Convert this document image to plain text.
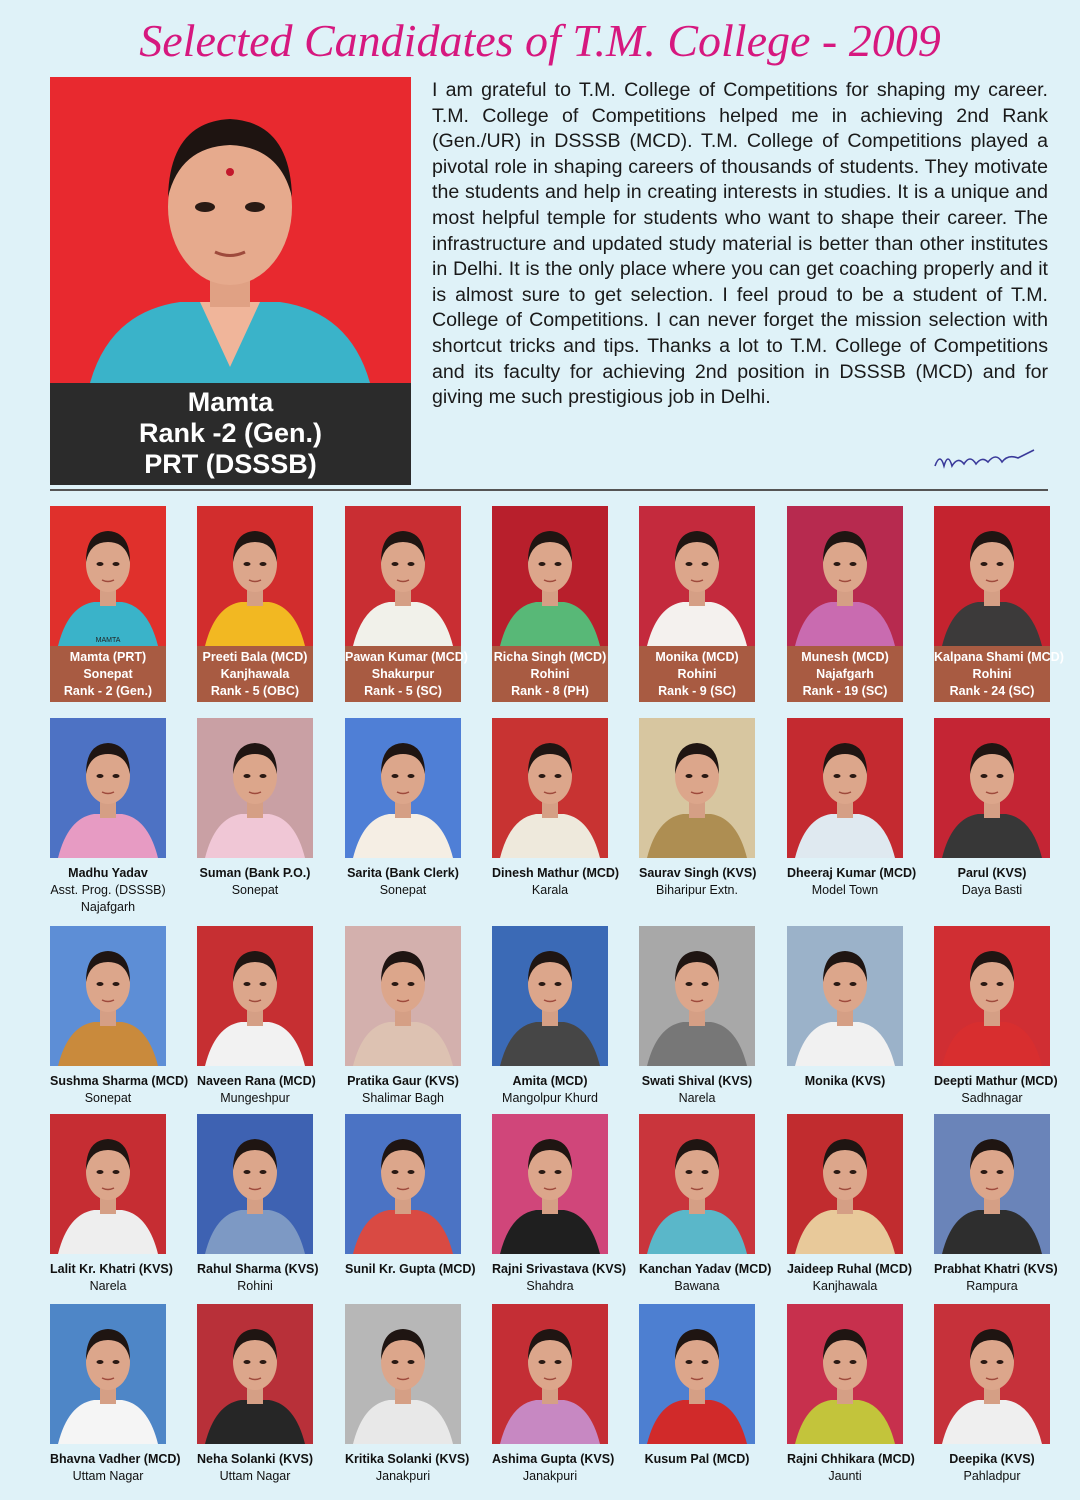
Selected Candidates of T.M. College - 2009
Mamta
Rank -2 (Gen.)
PRT (DSSSB)
I am grateful to T.M. College of Competitions for shaping my career. T.M. College of Competitions helped me in achieving 2nd Rank (Gen./UR) in DSSSB (MCD). T.M. College of Competitions played a pivotal role in shaping careers of thousands of students. They motivate the students and help in creating interests in studies. It is a unique and most helpful temple for students who want to shape their career. The infrastructure and updated study material is better than other institutes in Delhi. It is the only place where you can get coaching properly and it is almost sure to get selection. I feel proud to be a student of T.M. College of Competitions. I can never forget the mission selection with shortcut tricks and tips. Thanks a lot to T.M. College of Competitions and its faculty for achieving 2nd position in DSSSB (MCD) and for giving me such prestigious job in Delhi.
MAMTA
Mamta (PRT)
Sonepat
Rank - 2 (Gen.)
Preeti Bala (MCD)
Kanjhawala
Rank - 5 (OBC)
Pawan Kumar (MCD)
Shakurpur
Rank - 5 (SC)
Richa Singh (MCD)
Rohini
Rank - 8 (PH)
Monika (MCD)
Rohini
Rank - 9 (SC)
Munesh (MCD)
Najafgarh
Rank - 19 (SC)
Kalpana Shami (MCD)
Rohini
Rank - 24 (SC)
Madhu Yadav
Asst. Prog. (DSSSB)
Najafgarh
Suman (Bank P.O.)
Sonepat
Sarita (Bank Clerk)
Sonepat
Dinesh Mathur (MCD)
Karala
Saurav Singh (KVS)
Biharipur Extn.
Dheeraj Kumar (MCD)
Model Town
Parul (KVS)
Daya Basti
Sushma Sharma (MCD)
Sonepat
Naveen Rana (MCD)
Mungeshpur
Pratika Gaur (KVS)
Shalimar Bagh
Amita (MCD)
Mangolpur Khurd
Swati Shival (KVS)
Narela
Monika (KVS)	Deepti Mathur (MCD)
Sadhnagar
Lalit Kr. Khatri (KVS)
Narela
Rahul Sharma (KVS)
Rohini
Sunil Kr. Gupta (MCD) Rajni Srivastava (KVS)
Shahdra
Kanchan Yadav (MCD)
Bawana
Jaideep Ruhal (MCD)
Kanjhawala
Prabhat Khatri (KVS)
Rampura
Bhavna Vadher (MCD)
Uttam Nagar
Neha Solanki (KVS)
Uttam Nagar
Kritika Solanki (KVS)
Janakpuri
Ashima Gupta (KVS)
Janakpuri
Kusum Pal (MCD)	Rajni Chhikara (MCD)
Jaunti
Deepika (KVS)
Pahladpur
